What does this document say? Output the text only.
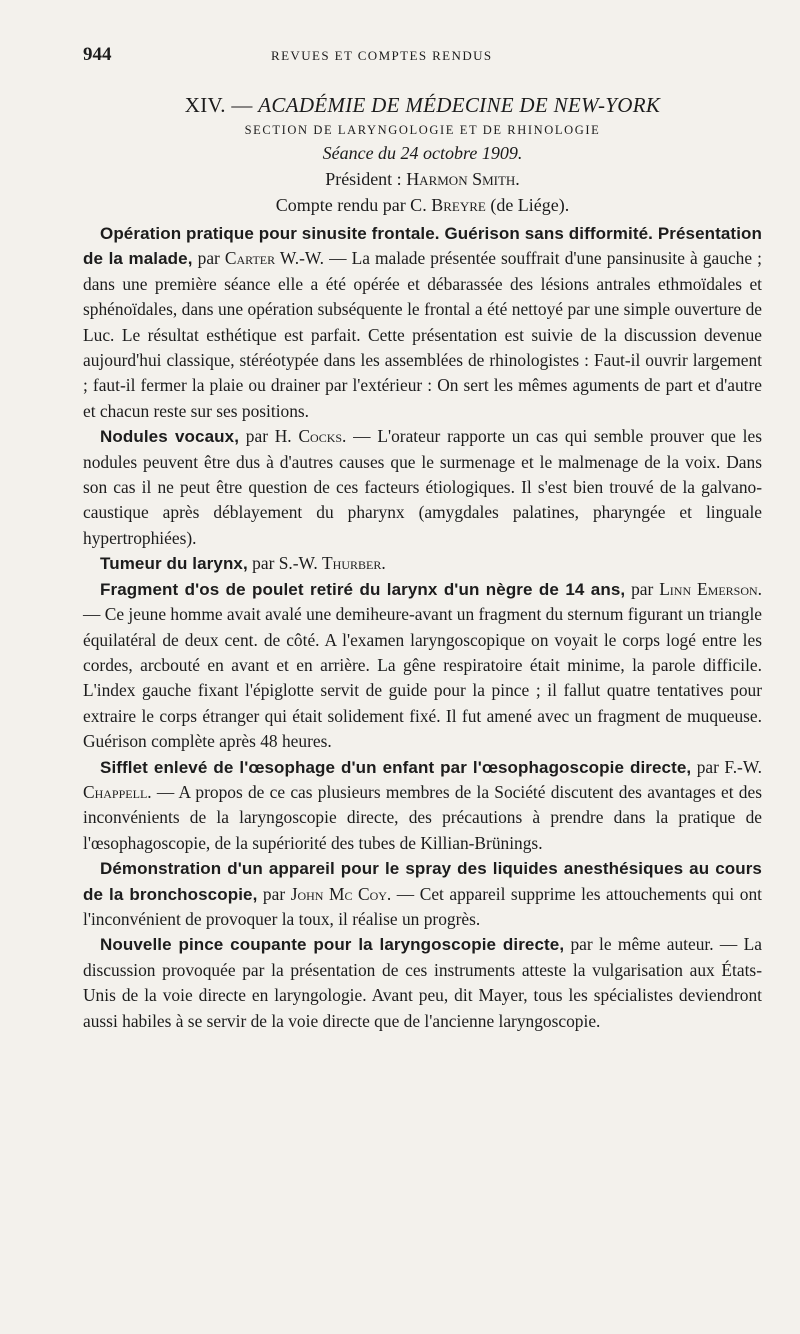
944	REVUES ET COMPTES RENDUS
XIV. — ACADÉMIE DE MÉDECINE DE NEW-YORK
SECTION DE LARYNGOLOGIE ET DE RHINOLOGIE
Séance du 24 octobre 1909.
Président : Harmon Smith.
Compte rendu par C. Breyre (de Liége).

Opération pratique pour sinusite frontale. Guérison sans difformité. Présentation de la malade, par Carter W.-W. — La malade présentée souffrait d'une pansinusite à gauche ; dans une première séance elle a été opérée et débarassée des lésions antrales ethmoïdales et sphénoïdales, dans une opération subséquente le frontal a été nettoyé par une simple ouverture de Luc. Le résultat esthétique est parfait. Cette présentation est suivie de la discussion devenue aujourd'hui classique, stéréotypée dans les assemblées de rhinologistes : Faut-il ouvrir largement ; faut-il fermer la plaie ou drainer par l'extérieur : On sert les mêmes aguments de part et d'autre et chacun reste sur ses positions.

Nodules vocaux, par H. Cocks. — L'orateur rapporte un cas qui semble prouver que les nodules peuvent être dus à d'autres causes que le surmenage et le malmenage de la voix. Dans son cas il ne peut être question de ces facteurs étiologiques. Il s'est bien trouvé de la galvano-caustique après déblayement du pharynx (amygdales palatines, pharyngée et linguale hypertrophiées).

Tumeur du larynx, par S.-W. Thurber.

Fragment d'os de poulet retiré du larynx d'un nègre de 14 ans, par Linn Emerson. — Ce jeune homme avait avalé une demiheure-avant un fragment du sternum figurant un triangle équilatéral de deux cent. de côté. A l'examen laryngoscopique on voyait le corps logé entre les cordes, arcbouté en avant et en arrière. La gêne respiratoire était minime, la parole difficile. L'index gauche fixant l'épiglotte servit de guide pour la pince ; il fallut quatre tentatives pour extraire le corps étranger qui était solidement fixé. Il fut amené avec un fragment de muqueuse. Guérison complète après 48 heures.

Sifflet enlevé de l'œsophage d'un enfant par l'œsophagoscopie directe, par F.-W. Chappell. — A propos de ce cas plusieurs membres de la Société discutent des avantages et des inconvénients de la laryngoscopie directe, des précautions à prendre dans la pratique de l'œsophagoscopie, de la supériorité des tubes de Killian-Brünings.

Démonstration d'un appareil pour le spray des liquides anesthésiques au cours de la bronchoscopie, par John Mc Coy. — Cet appareil supprime les attouchements qui ont l'inconvénient de provoquer la toux, il réalise un progrès.

Nouvelle pince coupante pour la laryngoscopie directe, par le même auteur. — La discussion provoquée par la présentation de ces instruments atteste la vulgarisation aux États-Unis de la voie directe en laryngologie. Avant peu, dit Mayer, tous les spécialistes deviendront aussi habiles à se servir de la voie directe que de l'ancienne laryngoscopie.
